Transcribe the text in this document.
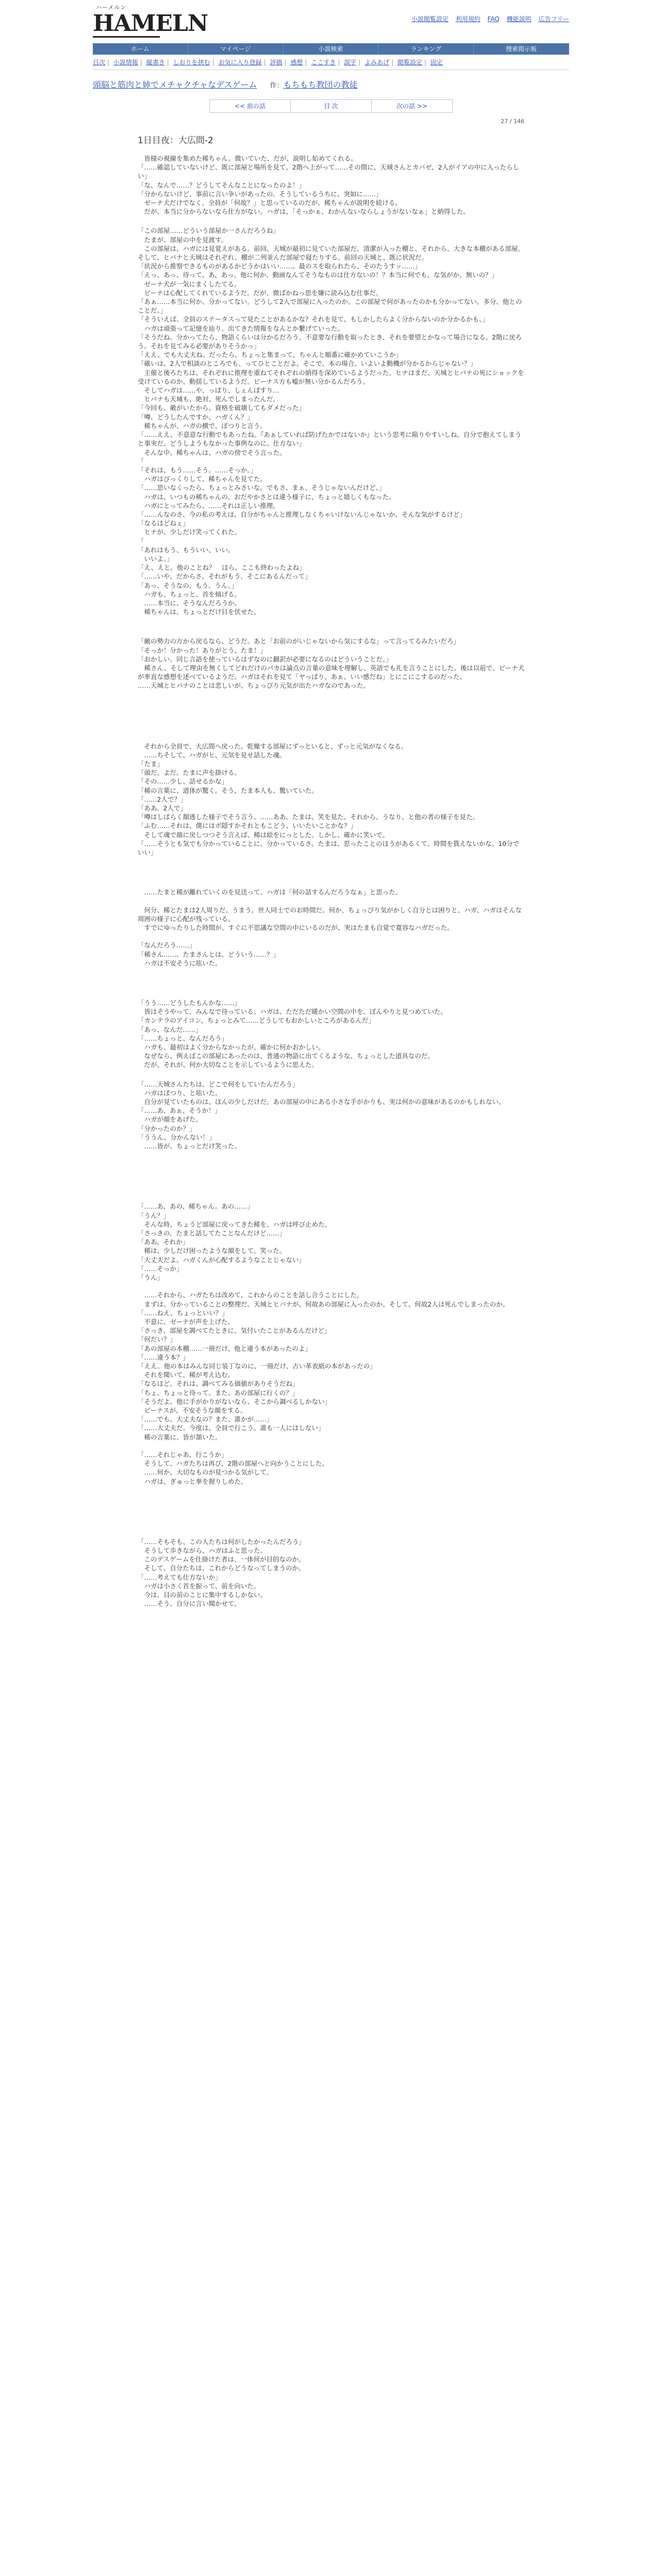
ハーメルン
HAMELN	小説閲覧設定 利用規約 FAQ 機能説明 広告フリー
ホーム	マイページ	小説検索	ランキング	捜索掲示板
目次 | 小説情報 | 縦書き | しおりを挟む | お気に入り登録 | 評価 | 感想 | ここすき | 誤字 | よみあげ | 閲覧設定 | 固定
頭脳と筋肉と姉でメチャクチャなデスゲーム 作：もちもち教団の教徒
<< 前の話	目 次	次の話 >>
27 / 146
1日目夜：大広間-2

　皆様の視線を集めた稀ちゃん。微いていた、だが、説明し始めてくれる。
「……確認していないけど、既に部屋と場所を見て、2階へ上がって……その間に、天城さんとカバゼ、2人がイアの中に入ったらしい」
「な、なんで……？どうしてそんなことになったのよ！」
「分からないけど、事前に言い争いがあったの。そうしているうちに、突如に……」
　ゼーナ犬だけでなく、全員が「何故？」と思っているのだが、稀ちゃんが説明を続ける。
　だが、本当に分からないなら仕方がない。ハガは、「そっかぁ、わかんないならしょうがないなぁ」と納得した。

「この部屋……どういう部屋か一さんだろうね」
　たまが、部屋の中を見渡す。
　この部屋は、ハガには見覚えがある。前回、天城が最初に見ていた部屋だ。清潔が入った棚と、それから、大きな本棚がある部屋。そして、ヒバナと天城はそれぞれ、棚が二列並んだ部屋で寝たりする。前回の天城と、既に状況だ。
「状況から推察できるものがあるかどうかはいい……。最のスを取られたら、そのたうすッ……」
「えっ、あっ、待って、あ、あっ。他に何か、動画なんてそうなものは仕方ないの！？本当に何でも、な気がか。無いの？」
　ゼーナ犬が一気にまくしたてる。
　ビーナは心配してくれているようだ。だが、微ばかねっ思を嫌に読み込む仕事だ。
「あぁ……本当に何か、分かってない。どうして2人で部屋に入ったのか。この部屋で何があったのかも分かってない。多分、他とのことだ。」
「そういえば、全員のステータスって見たことがあるかな？それを見て、もしかしたらよく分からないのか分かるかも、」
　ハガは頑張って記憶を辿り、出てきた情報をなんとか繋げていった。

「そうだね。分かってたら、物語くらいは分かるだろう。不意要な行動を取ったとき、それを要望とかなって場合になる。2階に戻ろう。それを見てみる必要がありそうかっ」
「ええ、でも大丈夫ね。だったら、ちょっと集まって、ちゃんと順番に確かめていこうか」
「確いは、2人で相談のところでも、ってひとことだよ。そこで、本の場合。いよいよ動機が分かるからじゃない？」
　主催と後ろたちは、それぞれに推理を重ねてそれぞれの納得を深めているようだった。ヒナはまだ、天城とヒバナの死にショックを受けているのか、動揺しているようだ。ビーナス方も嘘が無い分かるんだろう。
　そしてハガは……や、っぱり、しぇんぱすり…
　ヒバナも天城も、絶対、死んでしまったんだ。
「今回も、敵がいたから、資格を破壊してもダメだった」
「噂、どうしたんですか、ハガくん？」
　稀ちゃんが、ハガの横で、ぽつりと言う。
「……ええ、不意意な行動でもあったね。『あぁしていれば防げたかではないか』という思考に陥りやすいしね。自分で抱えてしまうと事実だ。どうしようもなかった事例なのに。仕方ない」
　そんな中、稀ちゃんは、ハガの傍でそう言った。

「
「それは、もう……そう。……そっか。」
　ハガはびっくりして、稀ちゃんを見てた。
「……思いなくったら、ちょっとみさいな。でもさ、まぁ、そうじゃないんだけど、」
　ハガは、いつもの稀ちゃんの、おだやかさとは違う様子に、ちょっと嬉しくもなった。

　ハガにとってみたら、……それは正しい推理。
「……んなのさ、今の私の考えは、自分がちゃんと推理しなくちゃいけないんじゃないか、そんな気がするけど」
「なるほどねぇ」
　ヒナが、少しだけ笑ってくれた。

「
「あれはもう、もういい、いい。
　いいよ。」
「え、えと。他のことね？　ほら、ここも終わったよね」
「……いや、だからさ。それがもう、そこにあるんだって」
「あっ、そうなの、もう、うん。」

　ハガも、ちょっと、首を傾げる。

　……本当に、そうなんだろうか。
　稀ちゃんは、ちょっとだけ目を伏せた。

「敵の勢力の方から戻るなら、どうだ。あと「お前のがいじゃないから気にするな」って言ってるみたいだろ」
「そっか！分かった！ありがとう、たま！」
「おかしい。同じ言語を使っているはずなのに翻訳が必要になるのはどういうことだ。」
　稀さん、そして理由を無くしてどれだけのバカは論点の言葉の意味を理解し、英語でも礼を言うことにした。後は以前で、ビーナ犬が率直な感想を述べているようだ。ハガはそれを見て「ヤっぱり、あぁ、いい感だね」とにこにこするのだった。
……天城とヒバナのことは悲しいが、ちょっぴり元気が出たハガなのであった。

　それから全員で、大広間へ戻った。乾燥する部屋にずっといると、ずっと元気がなくなる。
　……ちそして、ハガがヒ、元気を見せ話した魂。
「たま」
「頭だ。よだ。たまに声を掛ける。
「その……少し、話せるかな」
「稀の言葉に、道体が驚く。そう、たま本人も、驚いていた。
「……2人で？」
「ああ、2人で」
「噂はしばらく顔逃した様子でそう言う、……ああ、たまは、笑を見た。それから、うなり、と他の者の様子を見た。
「ふむ……それは、僕にはボ隠すかそれともこどう、いいたいことかな？」
　そして魂で顔に戻しつつそう言えば、稀は絵をにっとした。しかし、確かに笑いで。
「……そうとも気でも分かっていることに、分かっているさ。たまは、思ったことのほうがあるくて、時間を貰えないかな。10分でいい」

　……たまと稀が離れていくのを見送って、ハガは「何の話するんだろうなぁ」と思った。

　何分、稀とたまは2人周りだ。うまう。世人同士でのお時間だ。何か、ちょっぴり気がかしく自分とは困りと、ハガ、ハガはそんな周囲の様子に心配が残っている。
　すでにゆったりした時間が、すぐに不思議な空間の中にいるのだが、実はたまも自覚で寛容なハガだった。

「なんだろう……」
「稀さん……、たまさんとは、どういう……？」
　ハガは不安そうに呟いた。

「うう……どうしたもんかな……」
　皆はそうやって、みんなで待っている。ハガは、ただただ暖かい空間の中を、ぼんやりと見つめていた。
「カンテラのアイコン、ちょっとみて……どうしてもおかしいところがあるんだ」
「あっ、なんだ……」
「……ちょっと、なんだろう」
　ハガも、最初はよく分からなかったが、確かに何かおかしい。
　なぜなら、例えばこの部屋にあったのは、普通の物語に出てくるような、ちょっとした道具なのだ。
　だが、それが、何か大切なことを示しているように思えた。

「……天城さんたちは、どこで何をしていたんだろう」
　ハガはぽつり、と呟いた。
　自分が見ていたものは、ほんの少しだけだ。あの部屋の中にある小さな手がかりも、実は何かの意味があるのかもしれない。
「……あ、あぁ、そうか！」
　ハガが顔をあげた。
「分かったのか？」
「ううん、分かんない！」
　……皆が、ちょっとだけ笑った。

「……あ、あの、稀ちゃん。あの……」
「うん？」
　そんな時、ちょうど部屋に戻ってきた稀を、ハガは呼び止めた。
「さっきの、たまと話してたことなんだけど……」
「ああ、それか」
　稀は、少しだけ困ったような顔をして、笑った。
「大丈夫だよ。ハガくんが心配するようなことじゃない」
「……そっか」
「うん」

　……それから、ハガたちは改めて、これからのことを話し合うことにした。
　まずは、分かっていることの整理だ。天城とヒバナが、何故あの部屋に入ったのか。そして、何故2人は死んでしまったのか。
「……ねえ、ちょっといい？」
　不意に、ゼーナが声を上げた。
「さっき、部屋を調べてたときに、気付いたことがあるんだけど」
「何だい？」
「あの部屋の本棚……一冊だけ、他と違う本があったのよ」
「……違う本？」
「ええ。他の本はみんな同じ装丁なのに、一冊だけ、古い革表紙の本があったの」
　それを聞いて、稀が考え込む。
「なるほど。それは、調べてみる価値がありそうだね」
「ちょ、ちょっと待って。また、あの部屋に行くの？」
「そうだよ。他に手がかりがないなら、そこから調べるしかない」
　ビーナスが、不安そうな顔をする。
「……でも、大丈夫なの？また、誰かが……」
「……大丈夫だ。今度は、全員で行こう。誰も一人にはしない」
　稀の言葉に、皆が頷いた。

「……それじゃあ、行こうか」
　そうして、ハガたちは再び、2階の部屋へと向かうことにした。
　……何か、大切なものが見つかる気がして。
　ハガは、ぎゅっと拳を握りしめた。

「……そもそも、この人たちは何がしたかったんだろう」
　そうして歩きながら、ハガはふと思った。
　このデスゲームを仕掛けた者は、一体何が目的なのか。
　そして、自分たちは、これからどうなってしまうのか。
「……考えても仕方ないか」
　ハガは小さく首を振って、前を向いた。
　今は、目の前のことに集中するしかない。
　……そう、自分に言い聞かせて。
